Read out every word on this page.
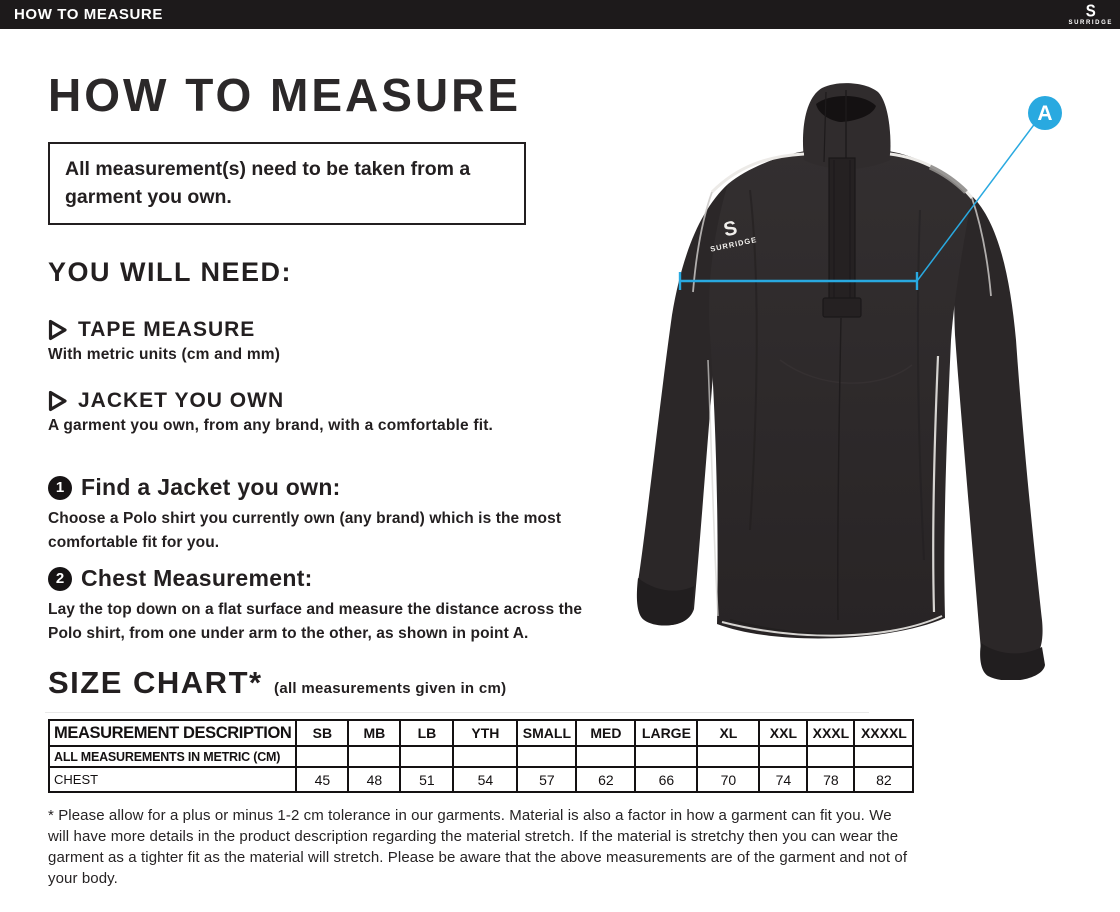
HOW TO MEASURE	S
SURRIDGE
HOW TO MEASURE
All measurement(s) need to be taken from a garment you own.
YOU WILL NEED:
TAPE MEASURE
With metric units (cm and mm)
JACKET YOU OWN
A garment you own, from any brand, with a comfortable fit.
1 Find a Jacket you own:
Choose a Polo shirt you currently own (any brand) which is the most comfortable fit for you.
2 Chest Measurement:
Lay the top down on a flat surface and measure the distance across the Polo shirt, from one under arm to the other, as shown in point A.
SIZE CHART* (all measurements given in cm)
MEASUREMENT DESCRIPTION	SB	MB	LB	YTH	SMALL	MED	LARGE	XL	XXL	XXXL	XXXXL
ALL MEASUREMENTS IN METRIC (CM)											
CHEST	45	48	51	54	57	62	66	70	74	78	82
* Please allow for a plus or minus 1-2 cm tolerance in our garments. Material is also a factor in how a garment can fit you. We will have more details in the product description regarding the material stretch. If the material is stretchy then you can wear the garment as a tighter fit as the material will stretch. Please be aware that the above measurements are of the garment and not of your body.
S
SURRIDGE
A
